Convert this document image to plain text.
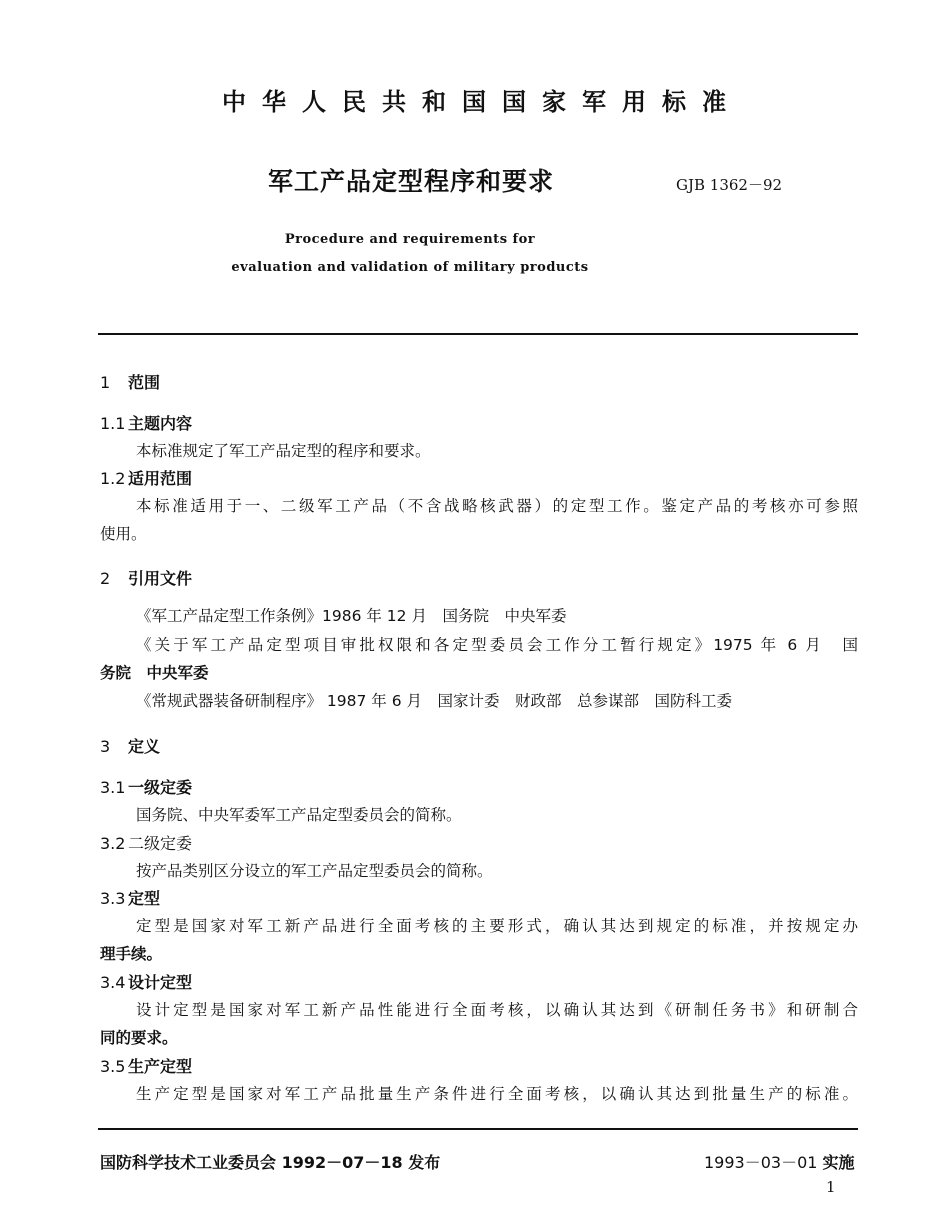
中华人民共和国国家军用标准
军工产品定型程序和要求	GJB 1362－92
Procedure and requirements for
evaluation and validation of military products
1 范围
1.1 主题内容
本标准规定了军工产品定型的程序和要求。
1.2 适用范围
本标准适用于一、二级军工产品（不含战略核武器）的定型工作。鉴定产品的考核亦可参照
使用。
2 引用文件
《军工产品定型工作条例》1986 年 12 月　国务院　中央军委
《关于军工产品定型项目审批权限和各定型委员会工作分工暂行规定》1975 年 6 月　国
务院　中央军委
《常规武器装备研制程序》 1987 年 6 月　国家计委　财政部　总参谋部　国防科工委
3 定义
3.1 一级定委
国务院、中央军委军工产品定型委员会的简称。
3.2 二级定委
按产品类别区分设立的军工产品定型委员会的简称。
3.3 定型
定型是国家对军工新产品进行全面考核的主要形式，确认其达到规定的标准，并按规定办
理手续。
3.4 设计定型
设计定型是国家对军工新产品性能进行全面考核，以确认其达到《研制任务书》和研制合
同的要求。
3.5 生产定型
生产定型是国家对军工产品批量生产条件进行全面考核，以确认其达到批量生产的标准。
国防科学技术工业委员会 1992－07－18 发布	1993－03－01 实施
1
